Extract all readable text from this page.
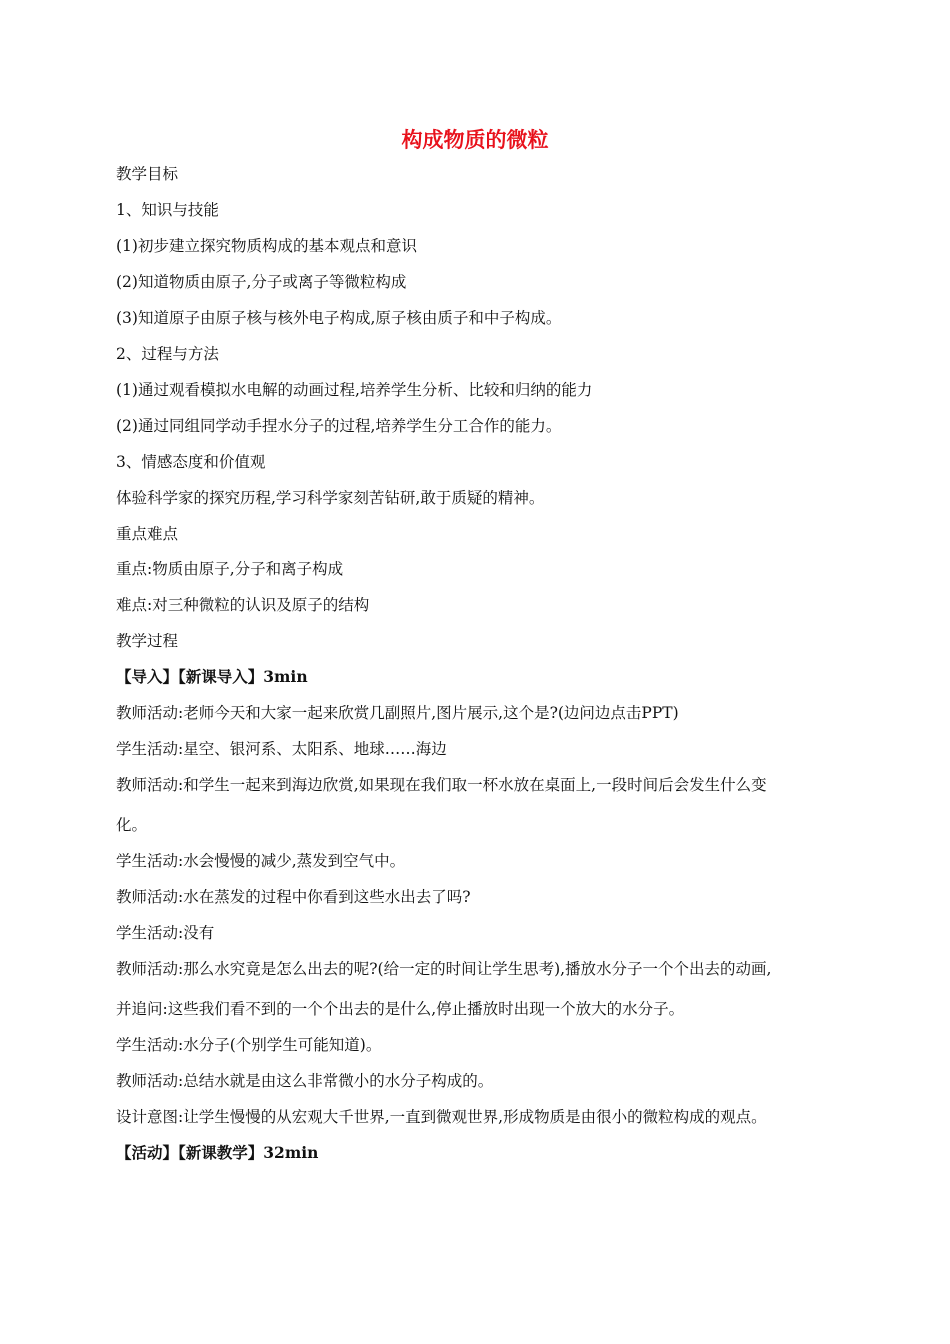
构成物质的微粒
教学目标
1、知识与技能
(1)初步建立探究物质构成的基本观点和意识
(2)知道物质由原子,分子或离子等微粒构成
(3)知道原子由原子核与核外电子构成,原子核由质子和中子构成。
2、过程与方法
(1)通过观看模拟水电解的动画过程,培养学生分析、比较和归纳的能力
(2)通过同组同学动手捏水分子的过程,培养学生分工合作的能力。
3、情感态度和价值观
体验科学家的探究历程,学习科学家刻苦钻研,敢于质疑的精神。
重点难点
重点:物质由原子,分子和离子构成
难点:对三种微粒的认识及原子的结构
教学过程
【导入】【新课导入】3min
教师活动:老师今天和大家一起来欣赏几副照片,图片展示,这个是?(边问边点击PPT)
学生活动:星空、银河系、太阳系、地球……海边
教师活动:和学生一起来到海边欣赏,如果现在我们取一杯水放在桌面上,一段时间后会发生什么变
化。
学生活动:水会慢慢的减少,蒸发到空气中。
教师活动:水在蒸发的过程中你看到这些水出去了吗?
学生活动:没有
教师活动:那么水究竟是怎么出去的呢?(给一定的时间让学生思考),播放水分子一个个出去的动画,
并追问:这些我们看不到的一个个出去的是什么,停止播放时出现一个放大的水分子。
学生活动:水分子(个别学生可能知道)。
教师活动:总结水就是由这么非常微小的水分子构成的。
设计意图:让学生慢慢的从宏观大千世界,一直到微观世界,形成物质是由很小的微粒构成的观点。
【活动】【新课教学】32min
